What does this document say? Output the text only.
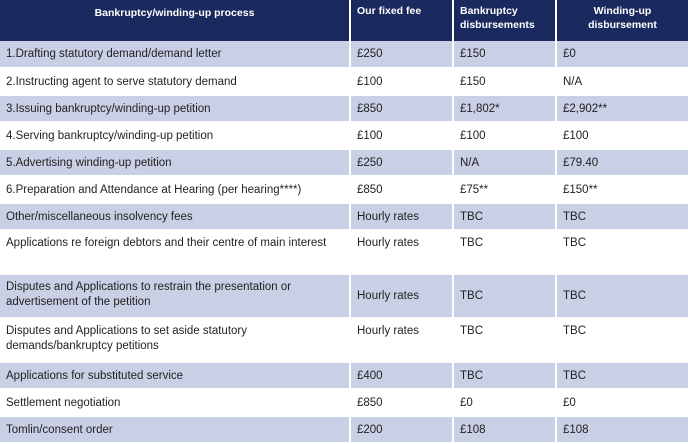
Bankruptcy/winding-up process	Our fixed fee	Bankruptcy disbursements	Winding-up disbursement
1.Drafting statutory demand/demand letter	£250	£150	£0
2.Instructing agent to serve statutory demand	£100	£150	N/A
3.Issuing bankruptcy/winding-up petition	£850	£1,802*	£2,902**
4.Serving bankruptcy/winding-up petition	£100	£100	£100
5.Advertising winding-up petition	£250	N/A	£79.40
6.Preparation and Attendance at Hearing (per hearing****)	£850	£75**	£150**
Other/miscellaneous insolvency fees	Hourly rates	TBC	TBC
Applications re foreign debtors and their centre of main interest	Hourly rates	TBC	TBC
Disputes and Applications to restrain the presentation or advertisement of the petition	Hourly rates	TBC	TBC
Disputes and Applications to set aside statutory demands/bankruptcy petitions	Hourly rates	TBC	TBC
Applications for substituted service	£400	TBC	TBC
Settlement negotiation	£850	£0	£0
Tomlin/consent order	£200	£108	£108
